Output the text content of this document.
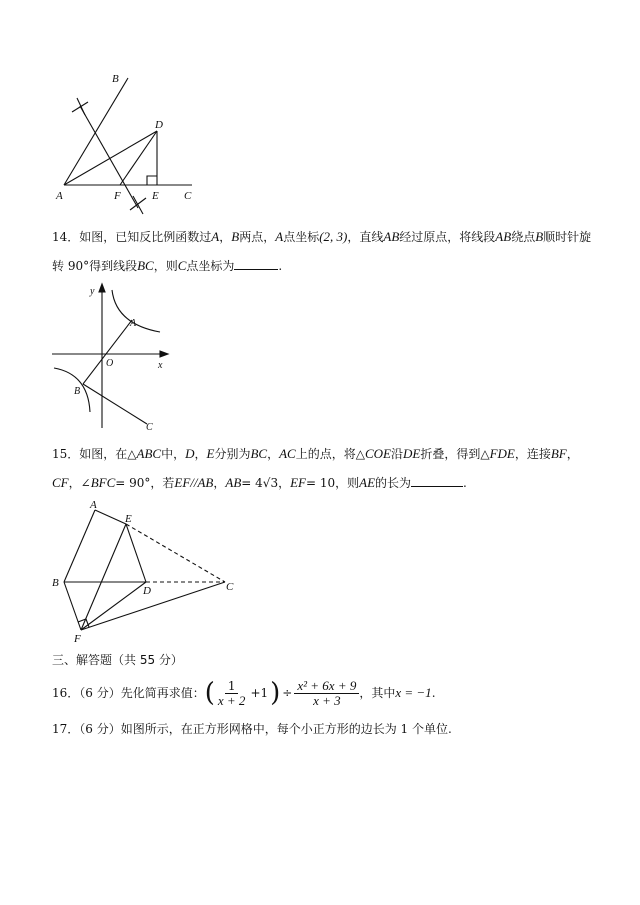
A
B
C
D
E
F
14．如图，已知反比例函数过A，B两点，A点坐标(2, 3)，直线AB经过原点，将线段AB绕点B顺时针旋
转 90°得到线段BC，则C点坐标为	.
y
x
O
A
B
C
15．如图，在△ABC中，D，E分别为BC，AC上的点，将△COE沿DE折叠，得到△FDE，连接BF，
CF，∠BFC= 90°，若EF//AB，AB= 4√3，EF= 10，则AE的长为	.
A
B	C
D
E
F
三、解答题（共 55 分）
16．（6 分）先化简再求值： ( $\frac{1}{x + 2} +1$ ) ÷ $\frac{\text{x² + 6x + 9}}{x + 3}$ ，其中 x = −1 .
17．（6 分）如图所示，在正方形网格中，每个小正方形的边长为 1 个单位.
